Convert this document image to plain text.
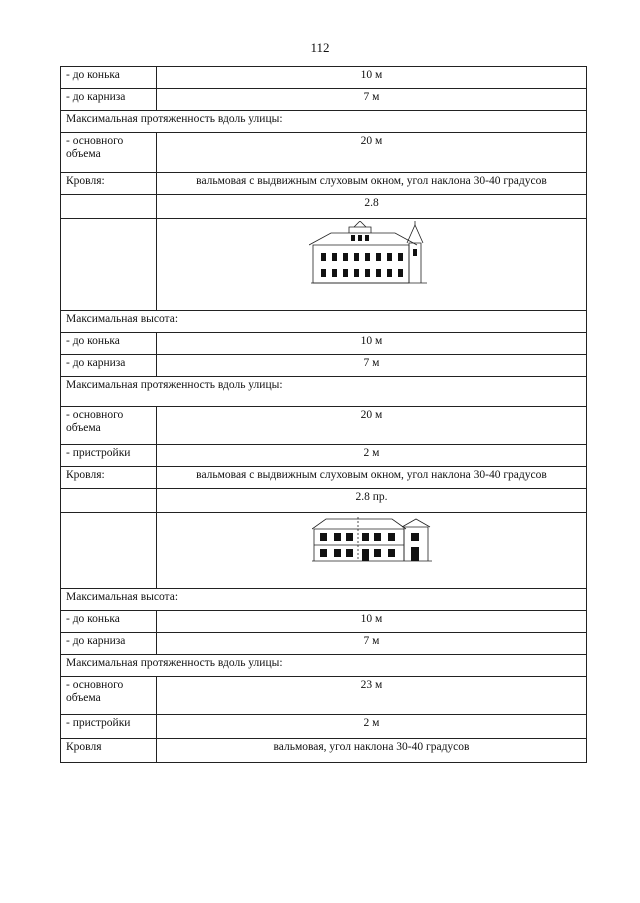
112
- до конька	10 м
- до карниза	7 м
Максимальная протяженность вдоль улицы:	
- основного объема	20 м
Кровля:	вальмовая с выдвижным слуховым окном, угол наклона 30-40 градусов
	2.8

Максимальная высота:	
- до конька	10 м
- до карниза	7 м
Максимальная протяженность вдоль улицы:	
- основного объема	20 м
- пристройки	2 м
Кровля:	вальмовая с выдвижным слуховым окном, угол наклона 30-40 градусов
	2.8 пр.

Максимальная высота:	
- до конька	10 м
- до карниза	7 м
Максимальная протяженность вдоль улицы:	
- основного объема	23 м
- пристройки	2 м
Кровля	вальмовая, угол наклона 30-40 градусов
